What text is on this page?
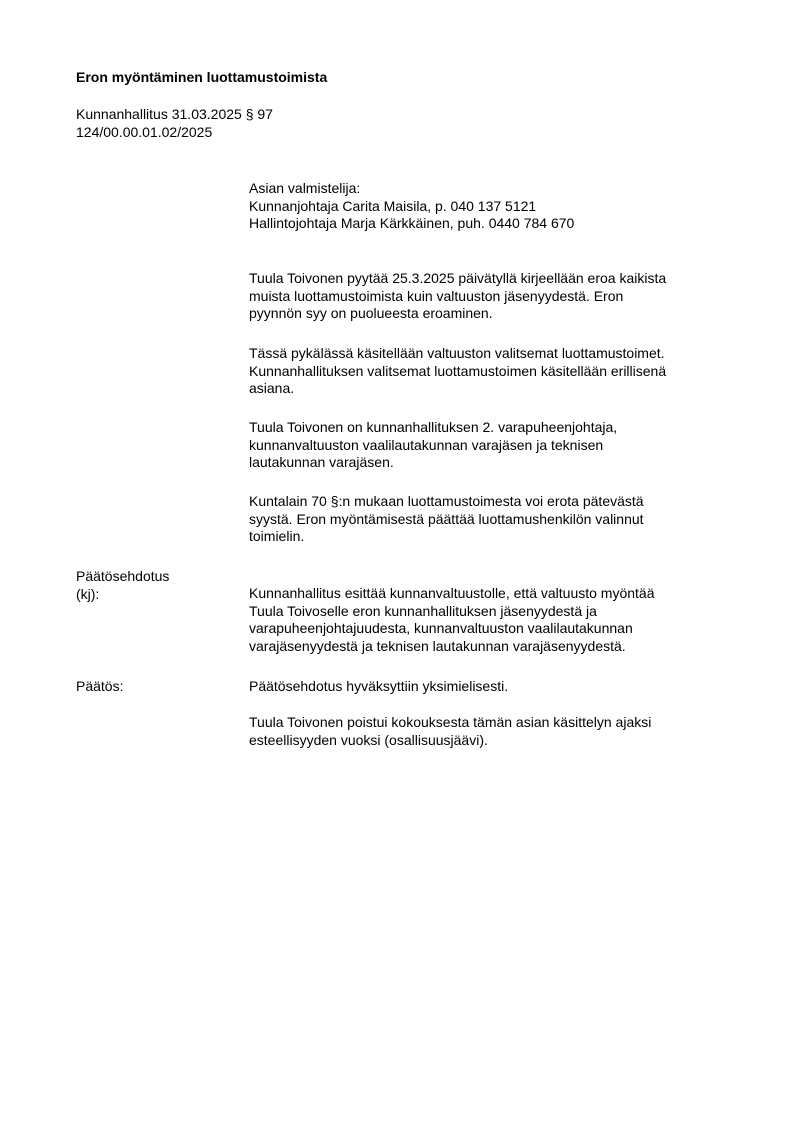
Eron myöntäminen luottamustoimista
Kunnanhallitus 31.03.2025 § 97
124/00.00.01.02/2025
Asian valmistelija:
Kunnanjohtaja Carita Maisila, p. 040 137 5121
Hallintojohtaja Marja Kärkkäinen, puh. 0440 784 670
Tuula Toivonen pyytää 25.3.2025 päivätyllä kirjeellään eroa kaikista
muista luottamustoimista kuin valtuuston jäsenyydestä. Eron
pyynnön syy on puolueesta eroaminen.
Tässä pykälässä käsitellään valtuuston valitsemat luottamustoimet.
Kunnanhallituksen valitsemat luottamustoimen käsitellään erillisenä
asiana.
Tuula Toivonen on kunnanhallituksen 2. varapuheenjohtaja,
kunnanvaltuuston vaalilautakunnan varajäsen ja teknisen
lautakunnan varajäsen.
Kuntalain 70 §:n mukaan luottamustoimesta voi erota pätevästä
syystä. Eron myöntämisestä päättää luottamushenkilön valinnut
toimielin.
Päätösehdotus
(kj):	Kunnanhallitus esittää kunnanvaltuustolle, että valtuusto myöntää
Tuula Toivoselle eron kunnanhallituksen jäsenyydestä ja
varapuheenjohtajuudesta, kunnanvaltuuston vaalilautakunnan
varajäsenyydestä ja teknisen lautakunnan varajäsenyydestä.
Päätös:	Päätösehdotus hyväksyttiin yksimielisesti.
Tuula Toivonen poistui kokouksesta tämän asian käsittelyn ajaksi
esteellisyyden vuoksi (osallisuusjäävi).
